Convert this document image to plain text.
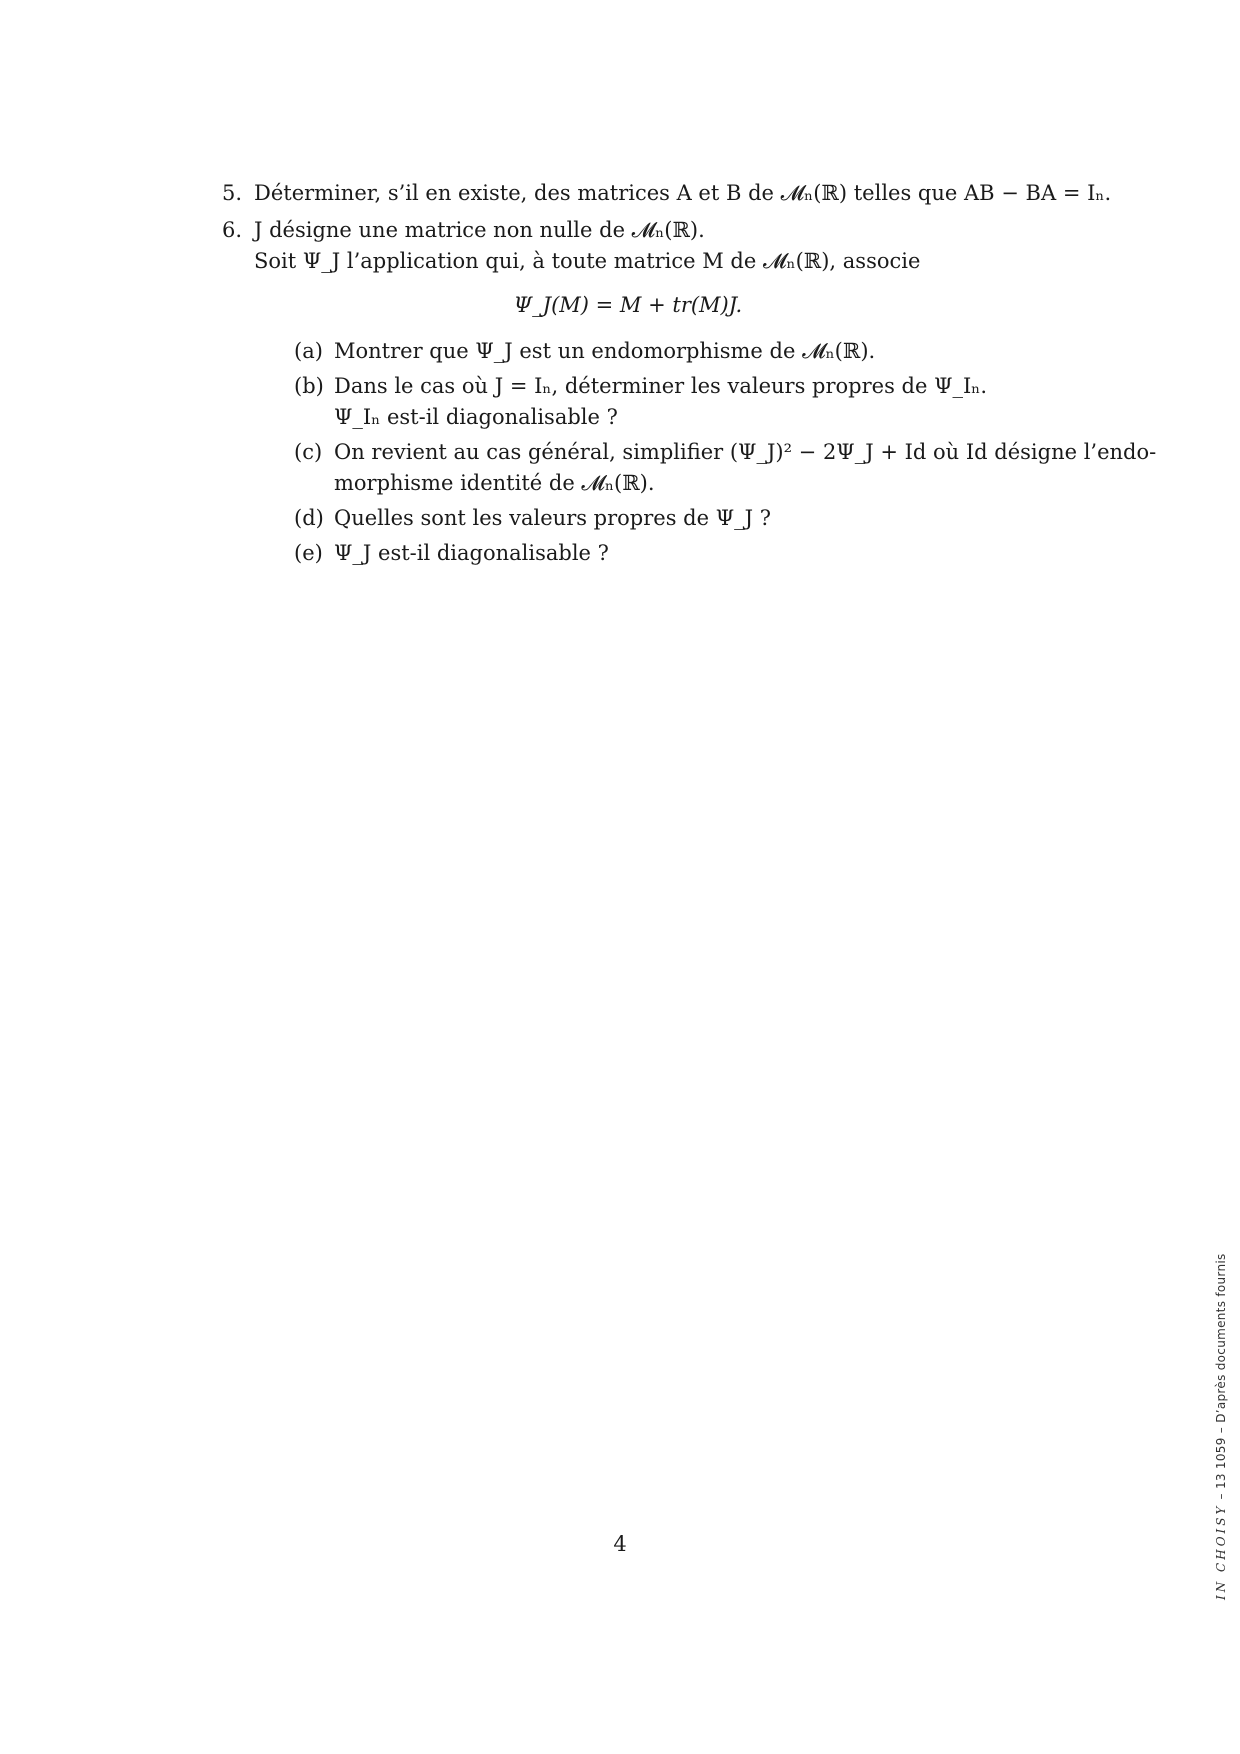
5. Déterminer, s’il en existe, des matrices A et B de 𝓜ₙ(ℝ) telles que AB − BA = Iₙ.
6. J désigne une matrice non nulle de 𝓜ₙ(ℝ).
Soit Ψ_J l’application qui, à toute matrice M de 𝓜ₙ(ℝ), associe
Ψ_J(M) = M + tr(M)J.
(a) Montrer que Ψ_J est un endomorphisme de 𝓜ₙ(ℝ).
(b) Dans le cas où J = Iₙ, déterminer les valeurs propres de Ψ_Iₙ.
Ψ_Iₙ est-il diagonalisable ?
(c) On revient au cas général, simplifier (Ψ_J)² − 2Ψ_J + Id où Id désigne l’endo-
morphisme identité de 𝓜ₙ(ℝ).
(d) Quelles sont les valeurs propres de Ψ_J ?
(e) Ψ_J est-il diagonalisable ?
4	IN CHOISY – 13 1059 – D’après documents fournis
